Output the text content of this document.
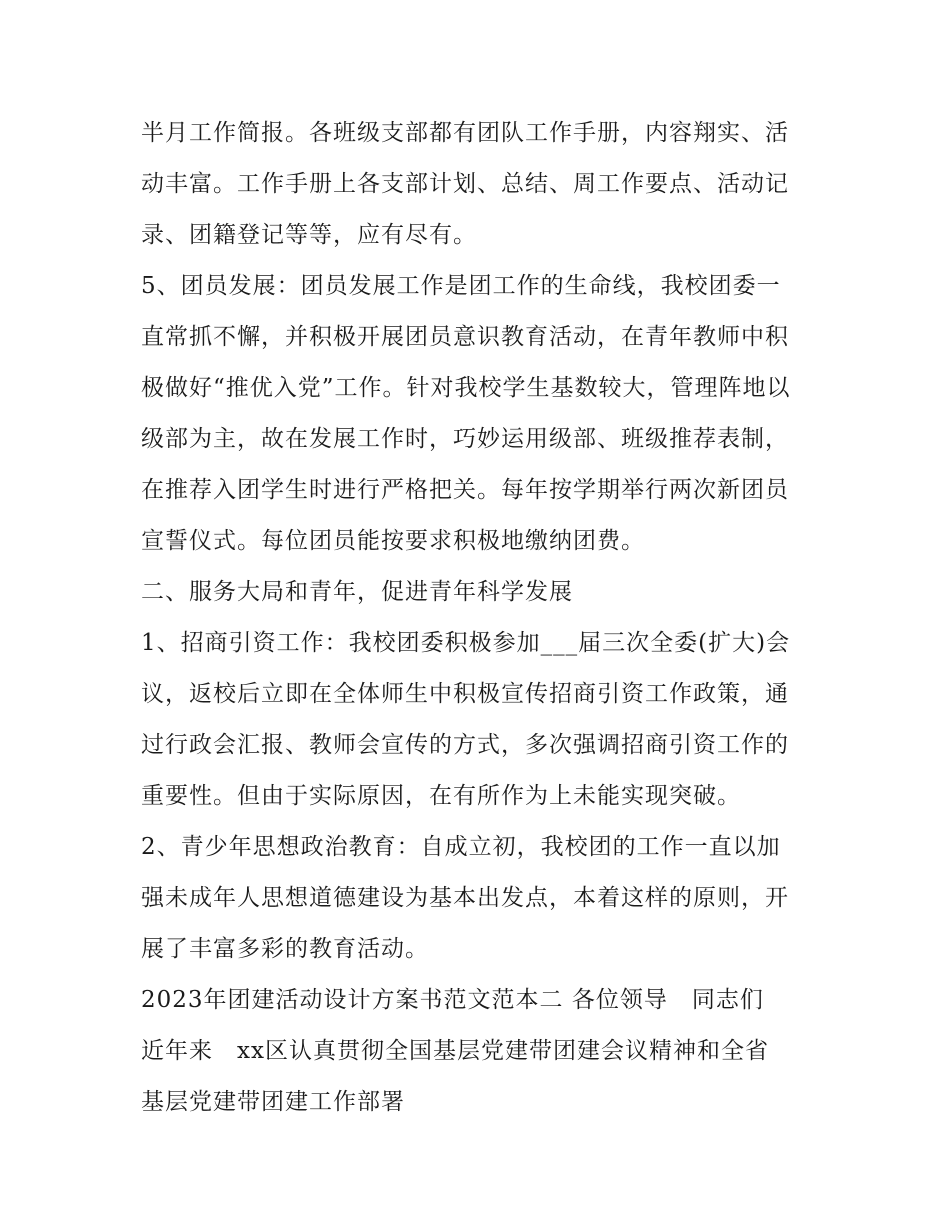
半月工作简报。各班级支部都有团队工作手册，内容翔实、活
动丰富。工作手册上各支部计划、总结、周工作要点、活动记
录、团籍登记等等，应有尽有。
5、团员发展：团员发展工作是团工作的生命线，我校团委一
直常抓不懈，并积极开展团员意识教育活动，在青年教师中积
极做好“推优入党”工作。针对我校学生基数较大，管理阵地以
级部为主，故在发展工作时，巧妙运用级部、班级推荐表制，
在推荐入团学生时进行严格把关。每年按学期举行两次新团员
宣誓仪式。每位团员能按要求积极地缴纳团费。
二、服务大局和青年，促进青年科学发展
1、招商引资工作：我校团委积极参加___届三次全委(扩大)会
议，返校后立即在全体师生中积极宣传招商引资工作政策，通
过行政会汇报、教师会宣传的方式，多次强调招商引资工作的
重要性。但由于实际原因，在有所作为上未能实现突破。
2、青少年思想政治教育：自成立初，我校团的工作一直以加
强未成年人思想道德建设为基本出发点，本着这样的原则，开
展了丰富多彩的教育活动。
2023年团建活动设计方案书范文范本二 各位领导　同志们
近年来　xx区认真贯彻全国基层党建带团建会议精神和全省
基层党建带团建工作部署
